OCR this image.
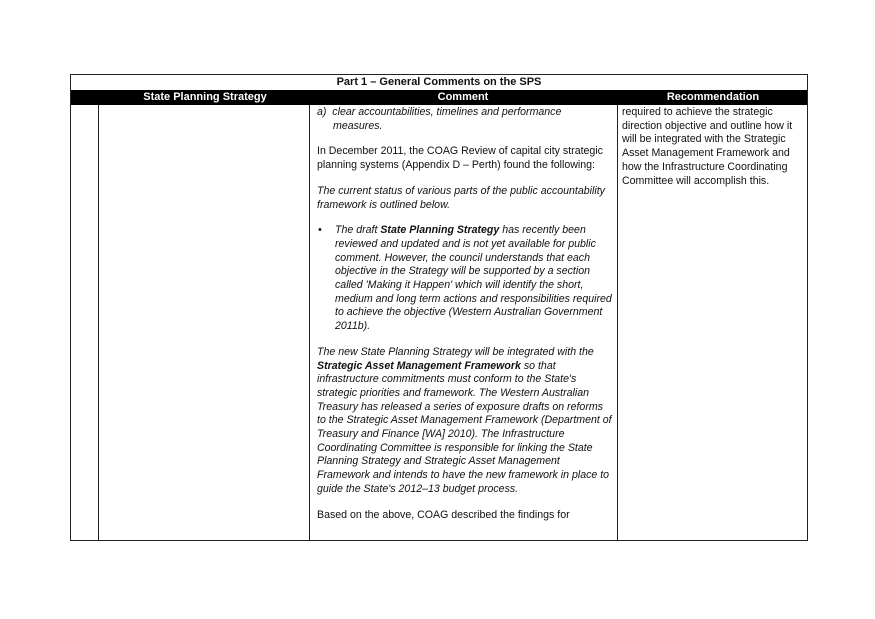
Part 1 – General Comments on the SPS
State Planning Strategy	Comment	Recommendation

a)  clear accountabilities, timelines and performance measures.

In December 2011, the COAG Review of capital city strategic planning systems (Appendix D – Perth) found the following:

The current status of various parts of the public accountability framework is outlined below.

• The draft State Planning Strategy has recently been reviewed and updated and is not yet available for public comment. However, the council understands that each objective in the Strategy will be supported by a section called 'Making it Happen' which will identify the short, medium and long term actions and responsibilities required to achieve the objective (Western Australian Government 2011b).

The new State Planning Strategy will be integrated with the Strategic Asset Management Framework so that infrastructure commitments must conform to the State's strategic priorities and framework. The Western Australian Treasury has released a series of exposure drafts on reforms to the Strategic Asset Management Framework (Department of Treasury and Finance [WA] 2010). The Infrastructure Coordinating Committee is responsible for linking the State Planning Strategy and Strategic Asset Management Framework and intends to have the new framework in place to guide the State's 2012–13 budget process.

Based on the above, COAG described the findings for

required to achieve the strategic direction objective and outline how it will be integrated with the Strategic Asset Management Framework and how the Infrastructure Coordinating Committee will accomplish this.
